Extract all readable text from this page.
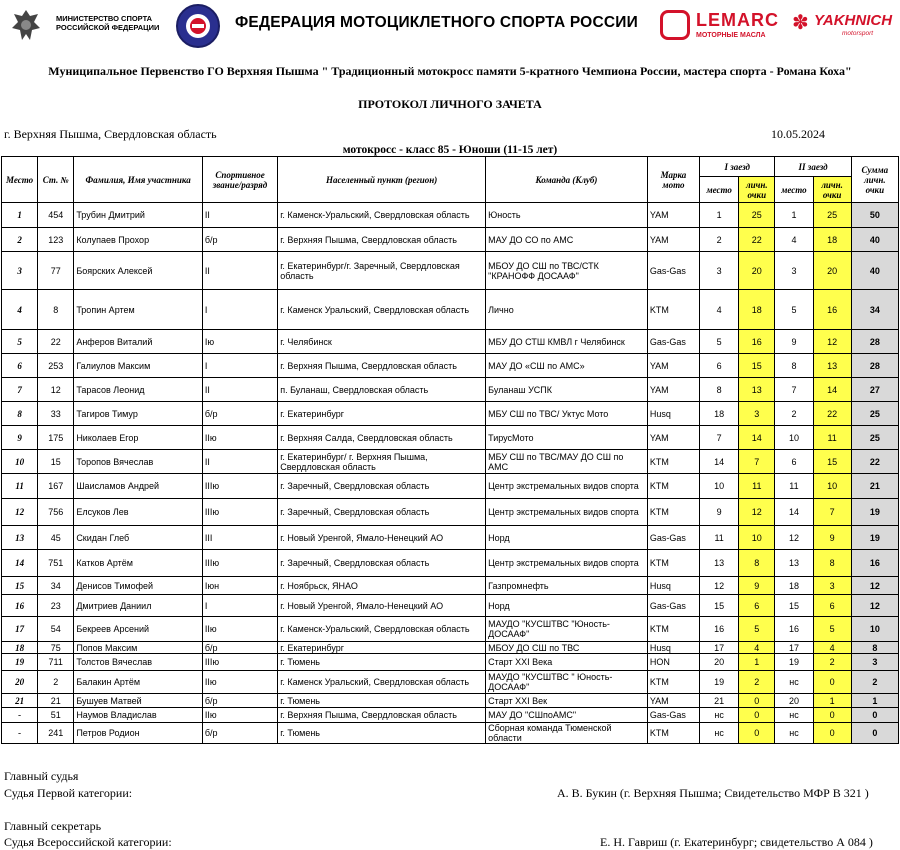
МИНИСТЕРСТВО СПОРТА РОССИЙСКОЙ ФЕДЕРАЦИИ	ФЕДЕРАЦИЯ МОТОЦИКЛЕТНОГО СПОРТА РОССИИ	LEMARC
МОТОРНЫЕ МАСЛА
✽ YAKHNICH
motorsport
Муниципальное Первенство ГО Верхняя Пышма " Традиционный мотокросс памяти 5-кратного Чемпиона России, мастера спорта - Романа Коха"
ПРОТОКОЛ ЛИЧНОГО ЗАЧЕТА
г. Верхняя Пышма, Свердловская область	10.05.2024
мотокросс - класс 85 - Юноши (11-15 лет)
Место	Ст. №	Фамилия, Имя участника	Спортивное звание/разряд	Населенный пункт (регион)	Команда (Клуб)	Марка мото	I заезд		II заезд		Сумма личн. очки
							место	личн. очки	место	личн. очки	
1	454	Трубин Дмитрий	II	г. Каменск-Уральский, Свердловская область	Юность	YAM	1	25	1	25	50
2	123	Колупаев Прохор	б/р	г. Верхняя Пышма, Свердловская область	МАУ ДО СО по АМС	YAM	2	22	4	18	40
3	77	Боярских Алексей	II	г. Екатеринбург/г. Заречный, Свердловская область	МБОУ ДО СШ по ТВС/СТК "КРАНОФФ ДОСААФ"	Gas-Gas	3	20	3	20	40
4	8	Тропин Артем	I	г. Каменск Уральский, Свердловская область	Лично	KTM	4	18	5	16	34
5	22	Анферов Виталий	Iю	г. Челябинск	МБУ ДО СТШ КМВЛ г Челябинск	Gas-Gas	5	16	9	12	28
6	253	Галиулов Максим	I	г. Верхняя Пышма, Свердловская область	МАУ ДО «СШ по АМС»	YAM	6	15	8	13	28
7	12	Тарасов Леонид	II	п. Буланаш, Свердловская область	Буланаш УСПК	YAM	8	13	7	14	27
8	33	Тагиров Тимур	б/р	г. Екатеринбург	МБУ СШ по ТВС/ Уктус Мото	Husq	18	3	2	22	25
9	175	Николаев Егор	IIю	г. Верхняя Салда, Свердловская область	ТирусМото	YAM	7	14	10	11	25
10	15	Торопов Вячеслав	II	г. Екатеринбург/ г. Верхняя Пышма, Свердловская область	МБУ СШ по ТВС/МАУ ДО СШ по АМС	KTM	14	7	6	15	22
11	167	Шаисламов Андрей	IIIю	г. Заречный, Свердловская область	Центр экстремальных видов спорта	KTM	10	11	11	10	21
12	756	Елсуков Лев	IIIю	г. Заречный, Свердловская область	Центр экстремальных видов спорта	KTM	9	12	14	7	19
13	45	Скидан Глеб	III	г. Новый Уренгой, Ямало-Ненецкий АО	Норд	Gas-Gas	11	10	12	9	19
14	751	Катков Артём	IIIю	г. Заречный, Свердловская область	Центр экстремальных видов спорта	KTM	13	8	13	8	16
15	34	Денисов Тимофей	Iюн	г. Ноябрьск, ЯНАО	Газпромнефть	Husq	12	9	18	3	12
16	23	Дмитриев Даниил	I	г. Новый Уренгой, Ямало-Ненецкий АО	Норд	Gas-Gas	15	6	15	6	12
17	54	Бекреев Арсений	IIю	г. Каменск-Уральский, Свердловская область	МАУДО "КУСШТВС "Юность-ДОСААФ"	KTM	16	5	16	5	10
18	75	Попов Максим	б/р	г. Екатеринбург	МБОУ ДО СШ по ТВС	Husq	17	4	17	4	8
19	711	Толстов Вячеслав	IIIю	г. Тюмень	Старт XXI Века	HON	20	1	19	2	3
20	2	Балакин Артём	IIю	г. Каменск Уральский, Свердловская область	МАУДО "КУСШТВС " Юность-ДОСААФ"	KTM	19	2	нс	0	2
21	21	Бушуев Матвей	б/р	г. Тюмень	Старт XXI Век	YAM	21	0	20	1	1
-	51	Наумов Владислав	IIю	г. Верхняя Пышма, Свердловская область	МАУ ДО "СШпоАМС"	Gas-Gas	нс	0	нс	0	0
-	241	Петров Родион	б/р	г. Тюмень	Сборная команда Тюменской области	KTM	нс	0	нс	0	0
Главный судья
Судья Первой категории:	А. В. Букин (г. Верхняя Пышма; Свидетельство МФР В 321 )
Главный секретарь
Судья Всероссийской категории:	Е. Н. Гавриш (г. Екатеринбург; свидетельство А 084 )
